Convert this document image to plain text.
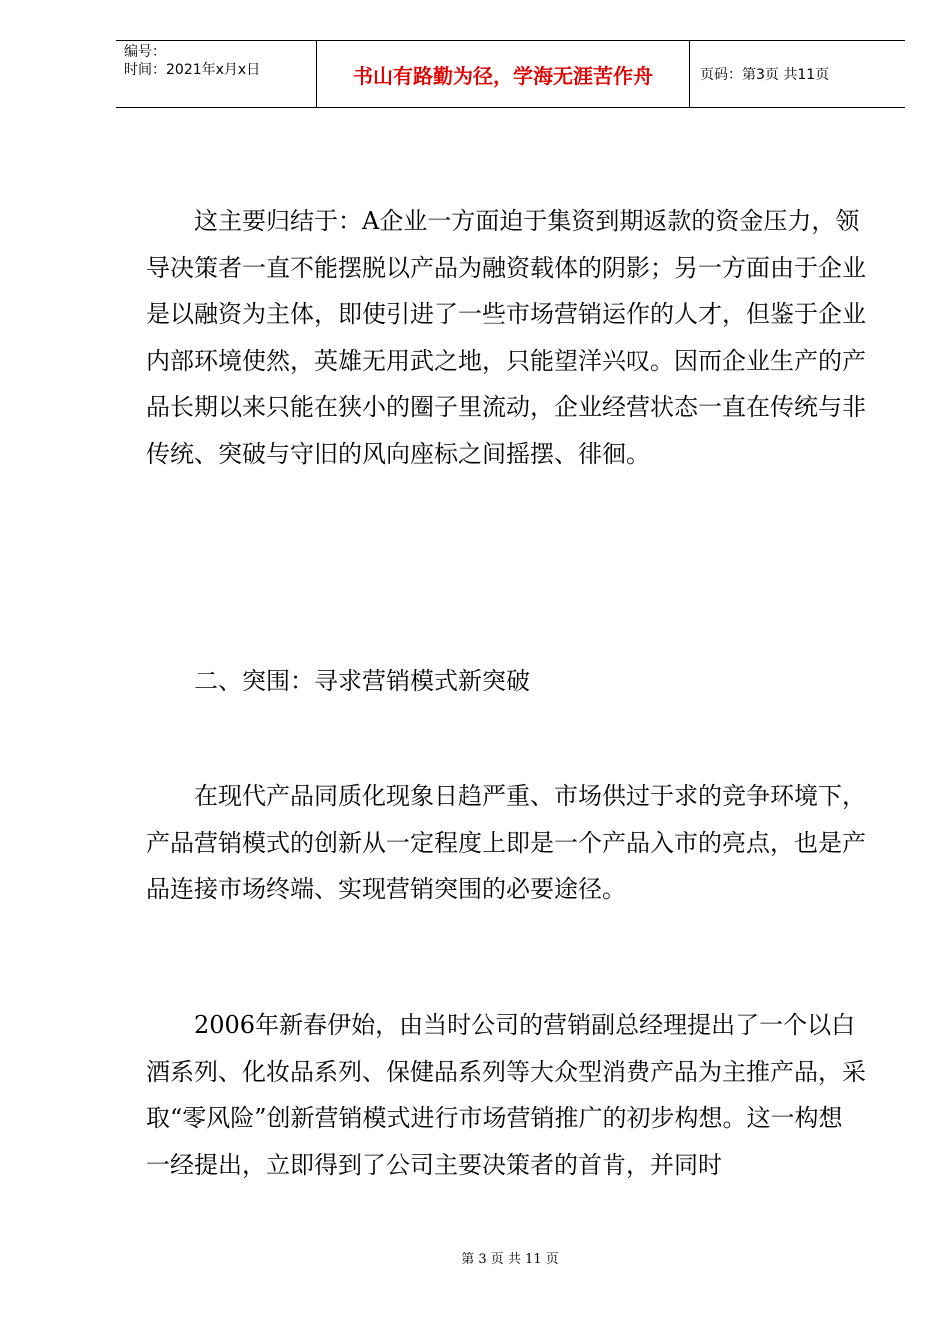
编号：
时间：2021年x月x日	书山有路勤为径，学海无涯苦作舟	页码：第3页 共11页

这主要归结于：A企业一方面迫于集资到期返款的资金压力，领导决策者一直不能摆脱以产品为融资载体的阴影；另一方面由于企业是以融资为主体，即使引进了一些市场营销运作的人才，但鉴于企业内部环境使然，英雄无用武之地，只能望洋兴叹。因而企业生产的产品长期以来只能在狭小的圈子里流动，企业经营状态一直在传统与非传统、突破与守旧的风向座标之间摇摆、徘徊。

二、突围：寻求营销模式新突破

在现代产品同质化现象日趋严重、市场供过于求的竞争环境下，产品营销模式的创新从一定程度上即是一个产品入市的亮点，也是产品连接市场终端、实现营销突围的必要途径。

2006年新春伊始，由当时公司的营销副总经理提出了一个以白酒系列、化妆品系列、保健品系列等大众型消费产品为主推产品，采取“零风险”创新营销模式进行市场营销推广的初步构想。这一构想一经提出，立即得到了公司主要决策者的首肯，并同时

第 3 页 共 11 页
